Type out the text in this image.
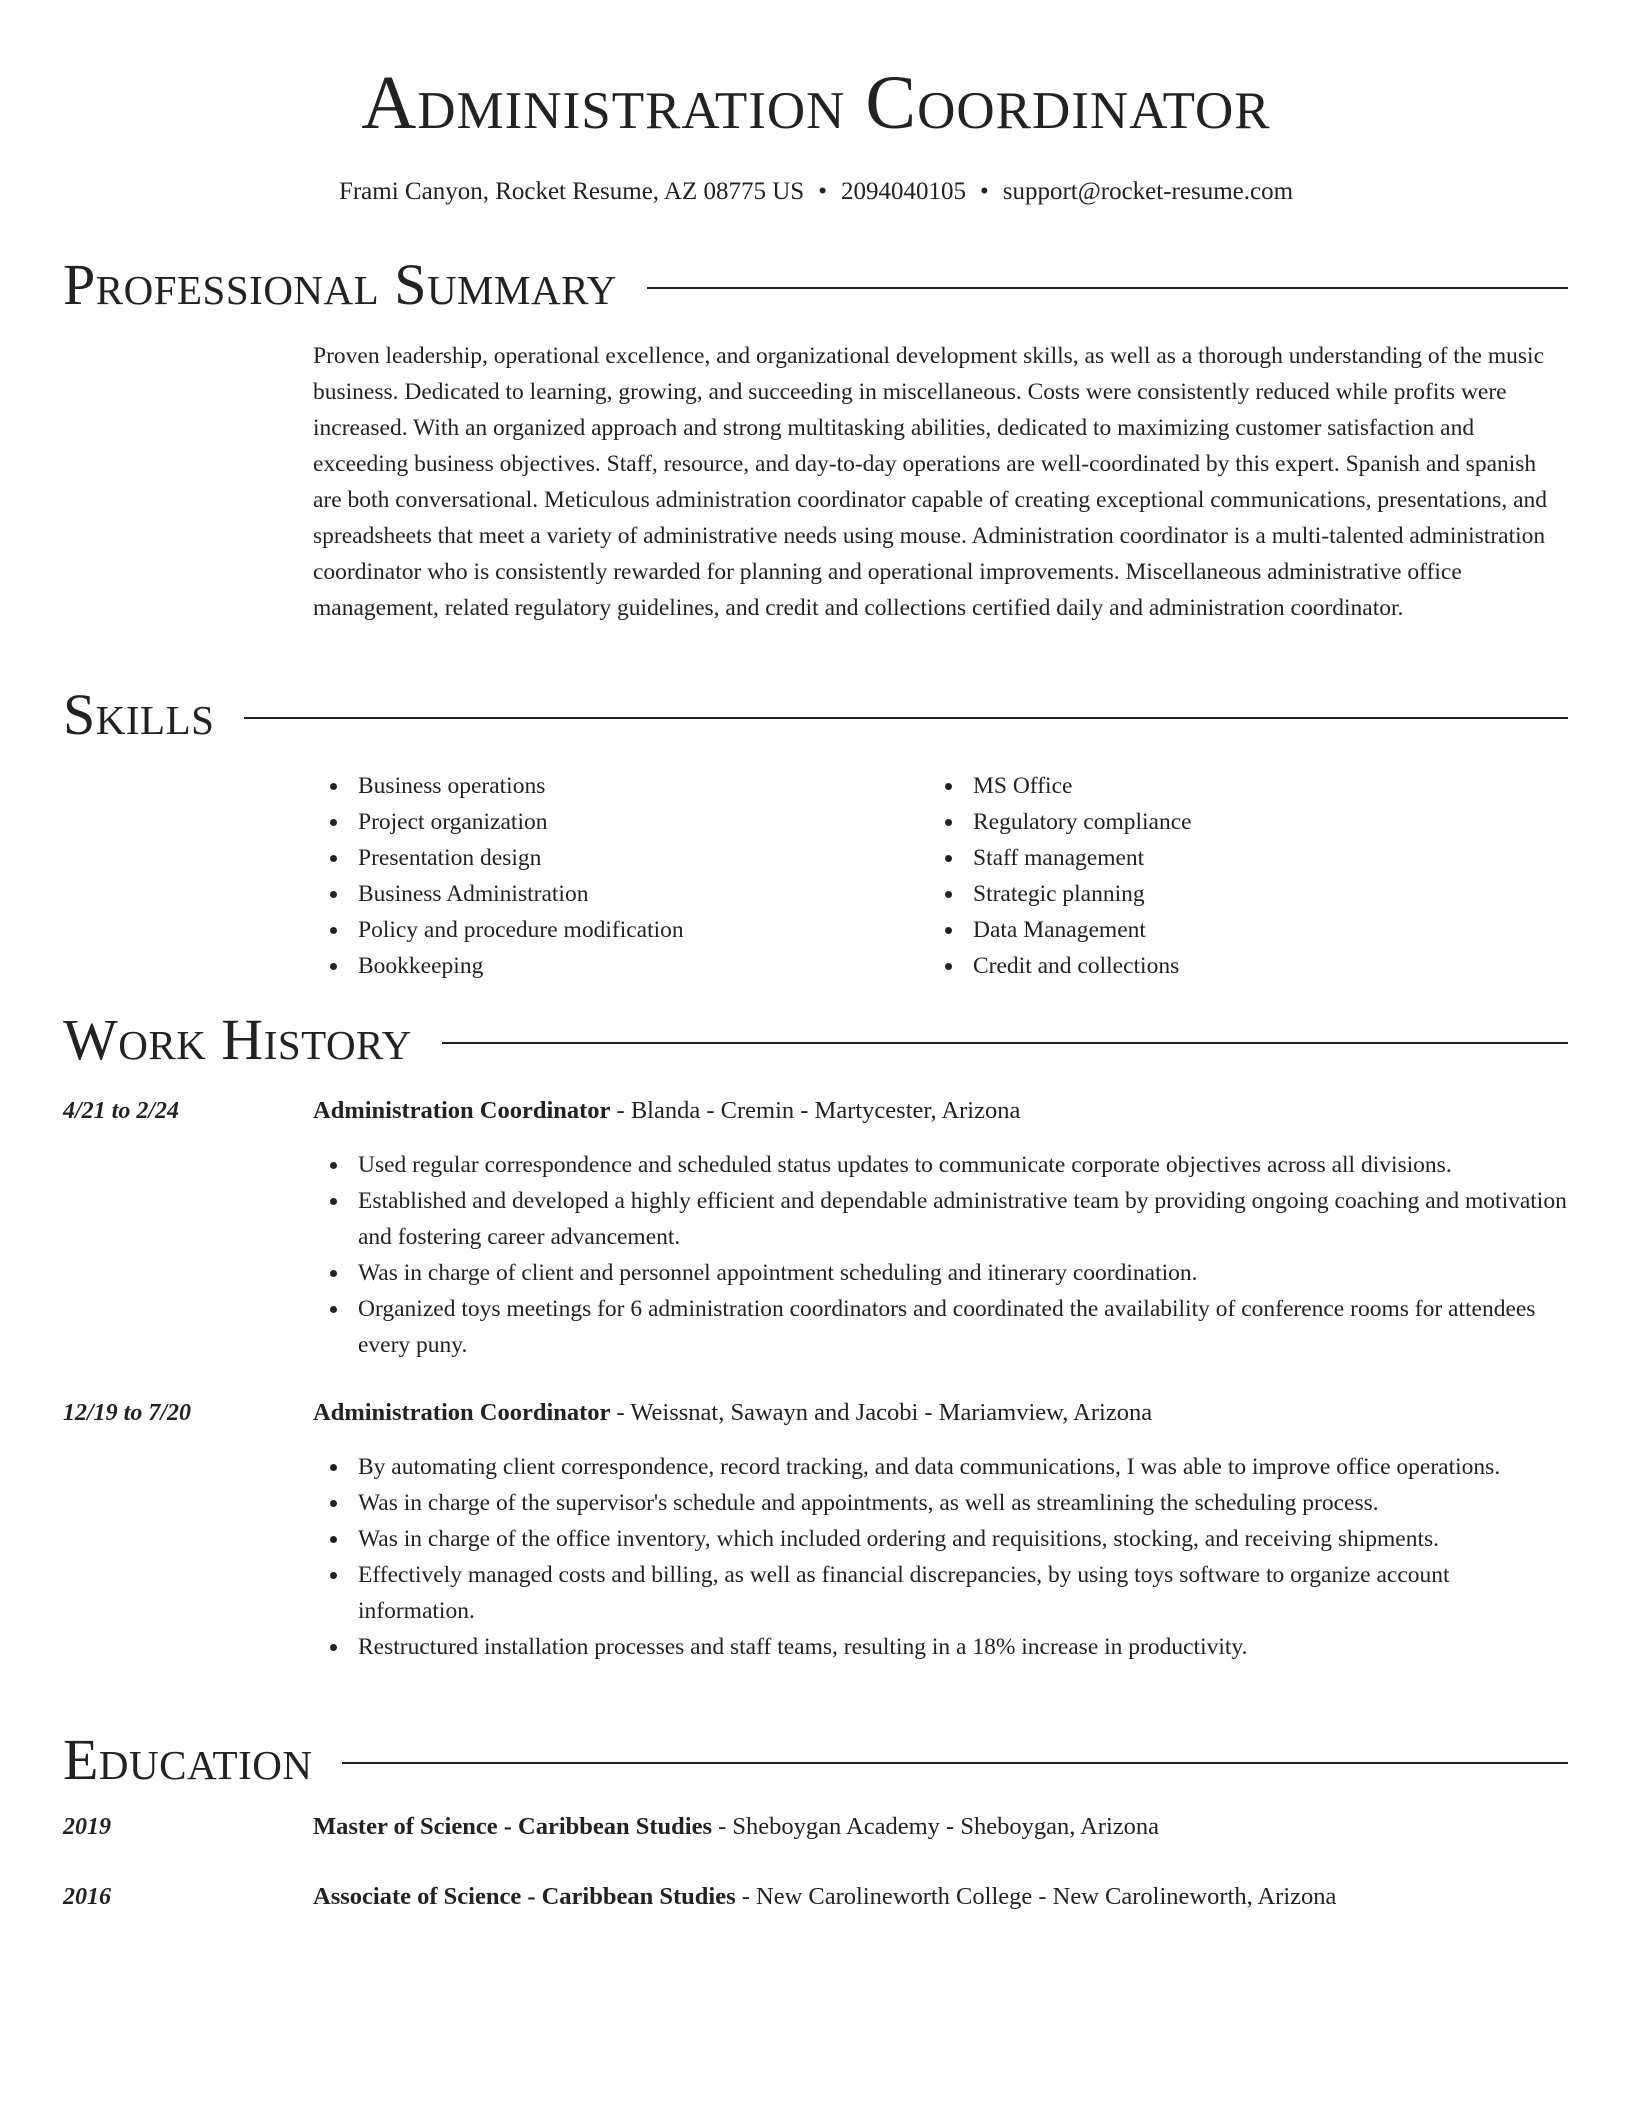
Administration Coordinator
Frami Canyon, Rocket Resume, AZ 08775 US • 2094040105 • support@rocket-resume.com
Professional Summary
Proven leadership, operational excellence, and organizational development skills, as well as a thorough understanding of the music business. Dedicated to learning, growing, and succeeding in miscellaneous. Costs were consistently reduced while profits were increased. With an organized approach and strong multitasking abilities, dedicated to maximizing customer satisfaction and exceeding business objectives. Staff, resource, and day-to-day operations are well-coordinated by this expert. Spanish and spanish are both conversational. Meticulous administration coordinator capable of creating exceptional communications, presentations, and spreadsheets that meet a variety of administrative needs using mouse. Administration coordinator is a multi-talented administration coordinator who is consistently rewarded for planning and operational improvements. Miscellaneous administrative office management, related regulatory guidelines, and credit and collections certified daily and administration coordinator.
Skills
Business operations
Project organization
Presentation design
Business Administration
Policy and procedure modification
Bookkeeping
MS Office
Regulatory compliance
Staff management
Strategic planning
Data Management
Credit and collections
Work History
4/21 to 2/24	Administration Coordinator - Blanda - Cremin - Martycester, Arizona
Used regular correspondence and scheduled status updates to communicate corporate objectives across all divisions.
Established and developed a highly efficient and dependable administrative team by providing ongoing coaching and motivation and fostering career advancement.
Was in charge of client and personnel appointment scheduling and itinerary coordination.
Organized toys meetings for 6 administration coordinators and coordinated the availability of conference rooms for attendees every puny.
12/19 to 7/20	Administration Coordinator - Weissnat, Sawayn and Jacobi - Mariamview, Arizona
By automating client correspondence, record tracking, and data communications, I was able to improve office operations.
Was in charge of the supervisor's schedule and appointments, as well as streamlining the scheduling process.
Was in charge of the office inventory, which included ordering and requisitions, stocking, and receiving shipments.
Effectively managed costs and billing, as well as financial discrepancies, by using toys software to organize account information.
Restructured installation processes and staff teams, resulting in a 18% increase in productivity.
Education
2019	Master of Science - Caribbean Studies - Sheboygan Academy - Sheboygan, Arizona
2016	Associate of Science - Caribbean Studies - New Carolineworth College - New Carolineworth, Arizona
